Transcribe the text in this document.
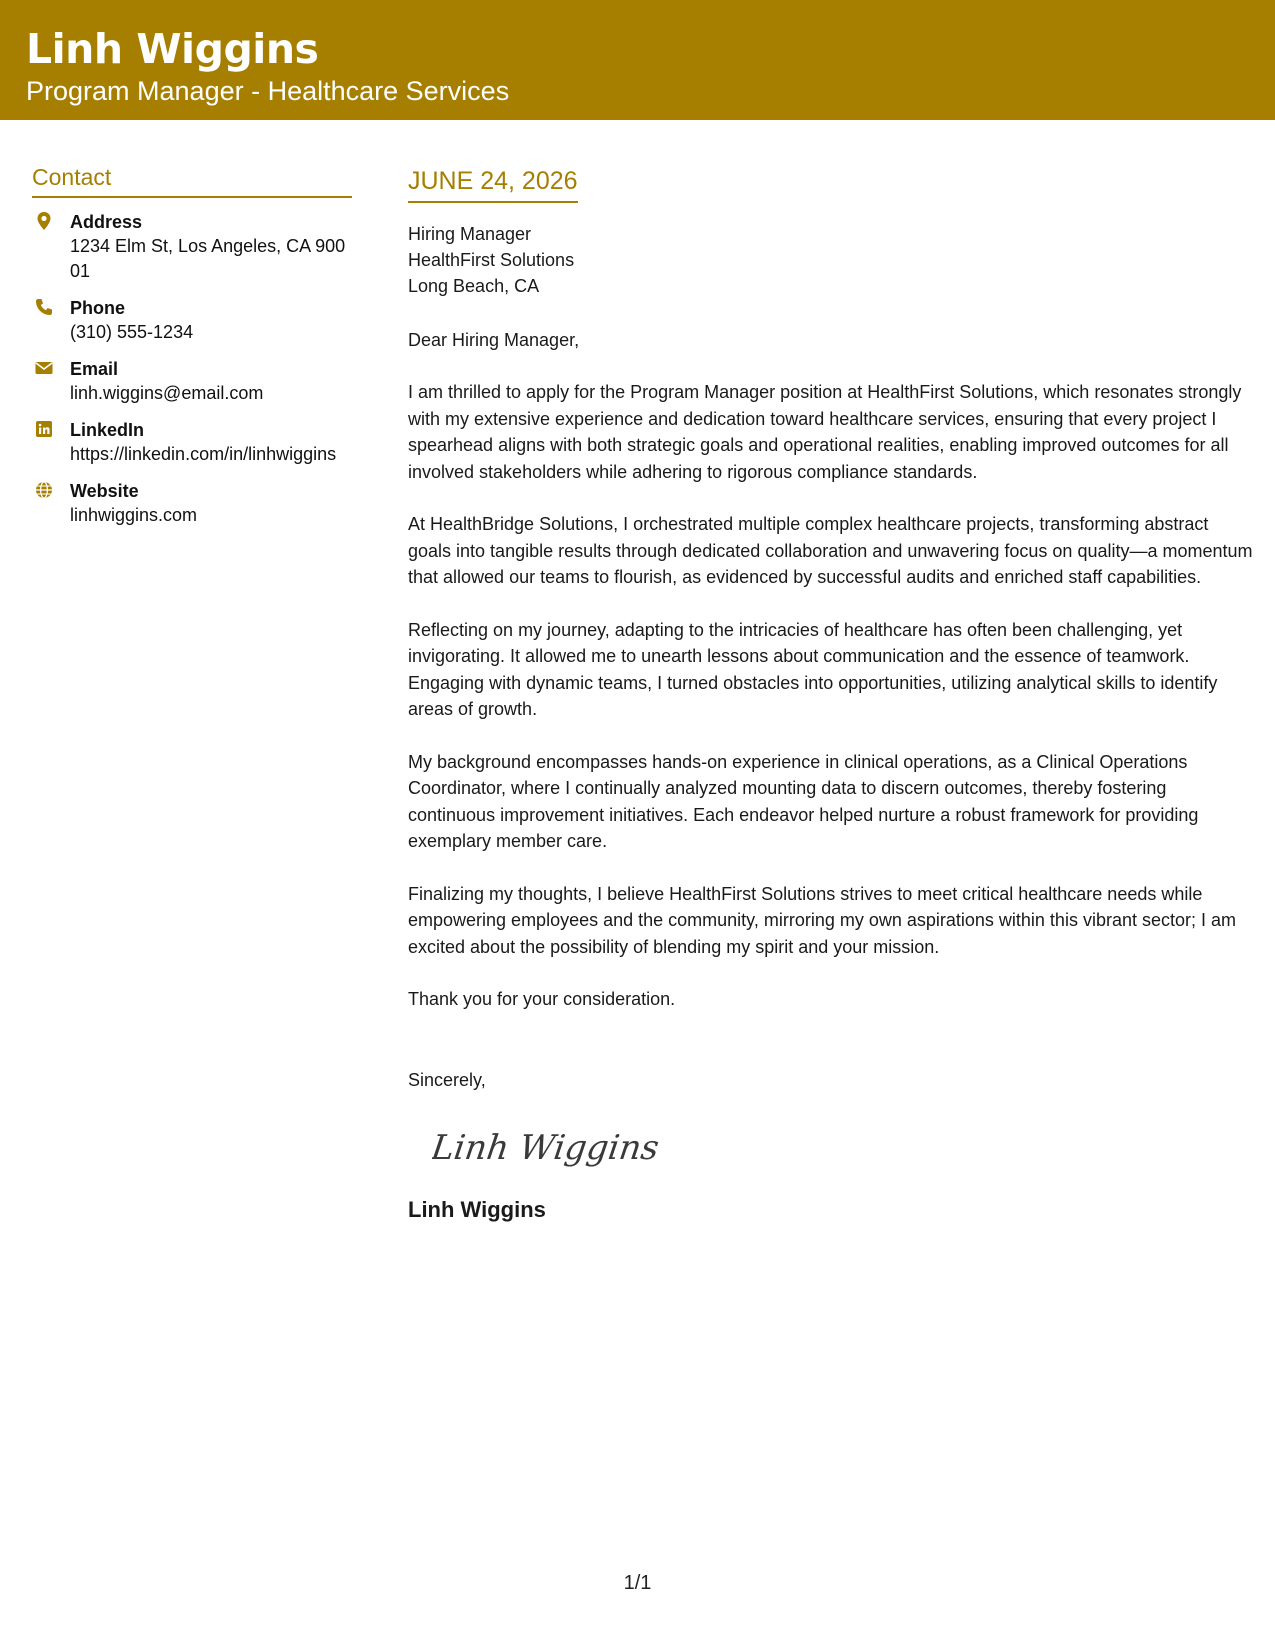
Linh Wiggins
Program Manager - Healthcare Services
Contact
Address
1234 Elm St, Los Angeles, CA 90001
Phone
(310) 555-1234
Email
linh.wiggins@email.com
LinkedIn
https://linkedin.com/in/linhwiggins
Website
linhwiggins.com
JUNE 24, 2026
Hiring Manager
HealthFirst Solutions
Long Beach, CA
Dear Hiring Manager,

I am thrilled to apply for the Program Manager position at HealthFirst Solutions, which resonates strongly with my extensive experience and dedication toward healthcare services, ensuring that every project I spearhead aligns with both strategic goals and operational realities, enabling improved outcomes for all involved stakeholders while adhering to rigorous compliance standards.

At HealthBridge Solutions, I orchestrated multiple complex healthcare projects, transforming abstract goals into tangible results through dedicated collaboration and unwavering focus on quality—a momentum that allowed our teams to flourish, as evidenced by successful audits and enriched staff capabilities.

Reflecting on my journey, adapting to the intricacies of healthcare has often been challenging, yet invigorating. It allowed me to unearth lessons about communication and the essence of teamwork. Engaging with dynamic teams, I turned obstacles into opportunities, utilizing analytical skills to identify areas of growth.

My background encompasses hands-on experience in clinical operations, as a Clinical Operations Coordinator, where I continually analyzed mounting data to discern outcomes, thereby fostering continuous improvement initiatives. Each endeavor helped nurture a robust framework for providing exemplary member care.

Finalizing my thoughts, I believe HealthFirst Solutions strives to meet critical healthcare needs while empowering employees and the community, mirroring my own aspirations within this vibrant sector; I am excited about the possibility of blending my spirit and your mission.

Thank you for your consideration.

Sincerely,
Linh Wiggins
Linh Wiggins
1/1
